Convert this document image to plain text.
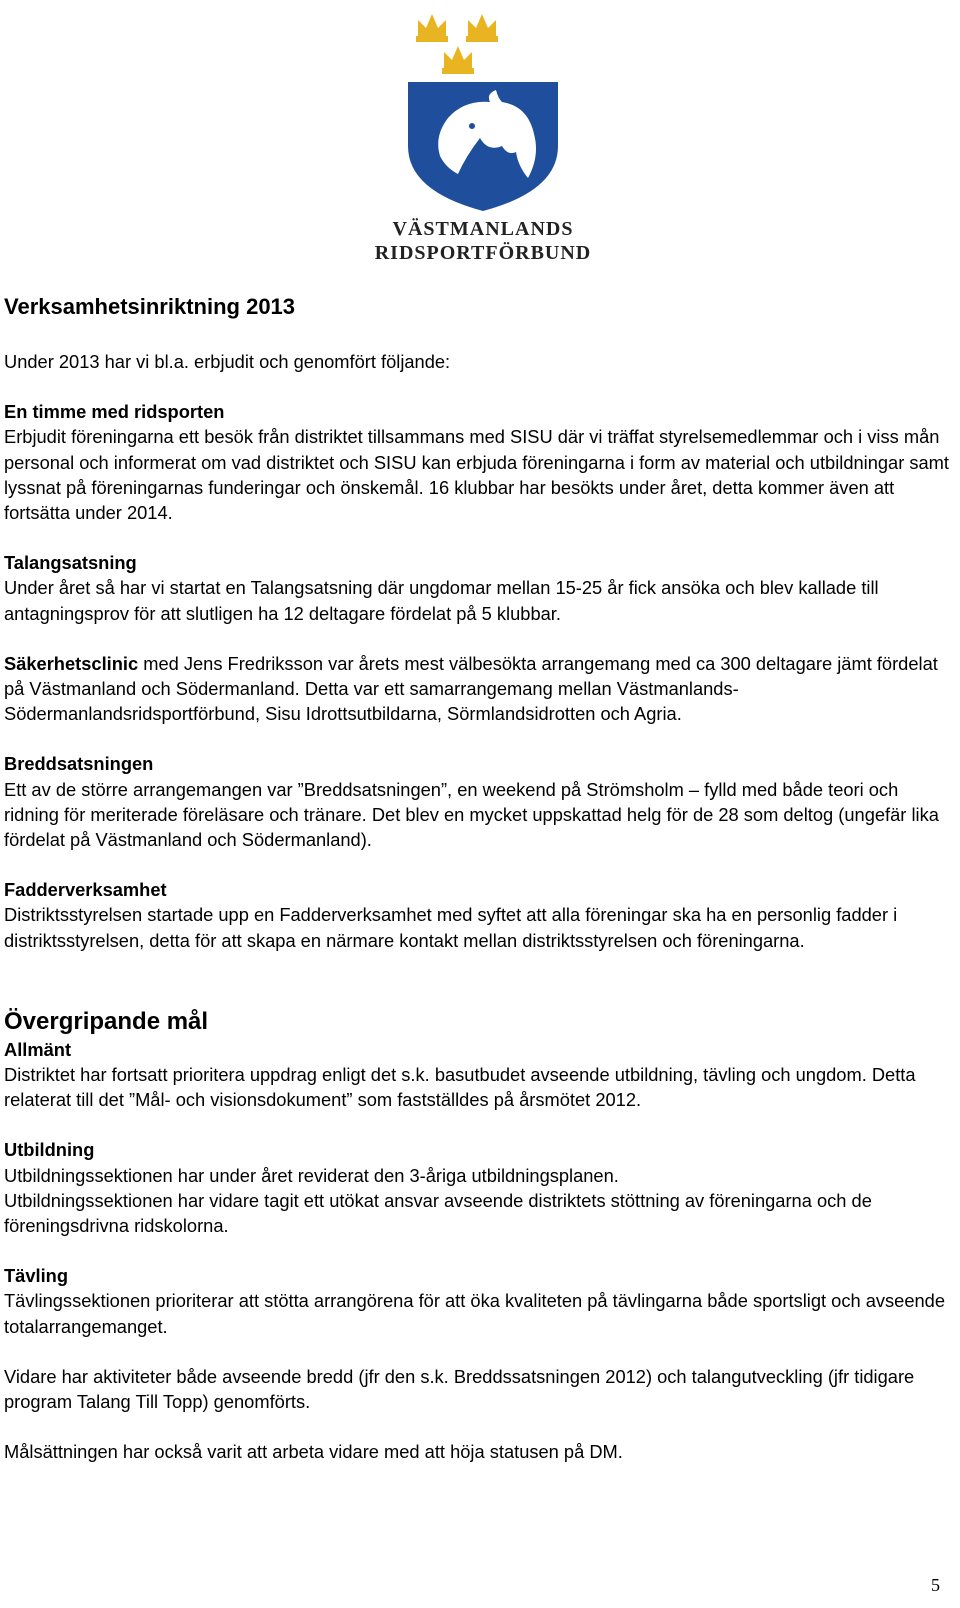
VÄSTMANLANDS
RIDSPORTFÖRBUND
Verksamhetsinriktning 2013

Under 2013 har vi bl.a. erbjudit och genomfört följande:

En timme med ridsporten

Erbjudit föreningarna ett besök från distriktet tillsammans med SISU där vi träffat styrelsemedlemmar och i viss mån personal och informerat om vad distriktet och SISU kan erbjuda föreningarna i form av material och utbildningar samt lyssnat på föreningarnas funderingar och önskemål. 16 klubbar har besökts under året, detta kommer även att fortsätta under 2014.

Talangsatsning

Under året så har vi startat en Talangsatsning där ungdomar mellan 15-25 år fick ansöka och blev kallade till antagningsprov för att slutligen ha 12 deltagare fördelat på 5 klubbar.

Säkerhetsclinic med Jens Fredriksson var årets mest välbesökta arrangemang med ca 300 deltagare jämt fördelat på Västmanland och Södermanland. Detta var ett samarrangemang mellan Västmanlands- Södermanlandsridsportförbund, Sisu Idrottsutbildarna, Sörmlandsidrotten och Agria.

Breddsatsningen

Ett av de större arrangemangen var ”Breddsatsningen”, en weekend på Strömsholm – fylld med både teori och ridning för meriterade föreläsare och tränare. Det blev en mycket uppskattad helg för de 28 som deltog (ungefär lika fördelat på Västmanland och Södermanland).

Fadderverksamhet

Distriktsstyrelsen startade upp en Fadderverksamhet med syftet att alla föreningar ska ha en personlig fadder i distriktsstyrelsen, detta för att skapa en närmare kontakt mellan distriktsstyrelsen och föreningarna.

Övergripande mål

Allmänt

Distriktet har fortsatt prioritera uppdrag enligt det s.k. basutbudet avseende utbildning, tävling och ungdom. Detta relaterat till det ”Mål- och visionsdokument” som fastställdes på årsmötet 2012.

Utbildning

Utbildningssektionen har under året reviderat den 3-åriga utbildningsplanen.

Utbildningssektionen har vidare tagit ett utökat ansvar avseende distriktets stöttning av föreningarna och de föreningsdrivna ridskolorna.

Tävling

Tävlingssektionen prioriterar att stötta arrangörena för att öka kvaliteten på tävlingarna både sportsligt och avseende totalarrangemanget.

Vidare har aktiviteter både avseende bredd (jfr den s.k. Breddssatsningen 2012) och talangutveckling (jfr tidigare program Talang Till Topp) genomförts.

Målsättningen har också varit att arbeta vidare med att höja statusen på DM.

5
